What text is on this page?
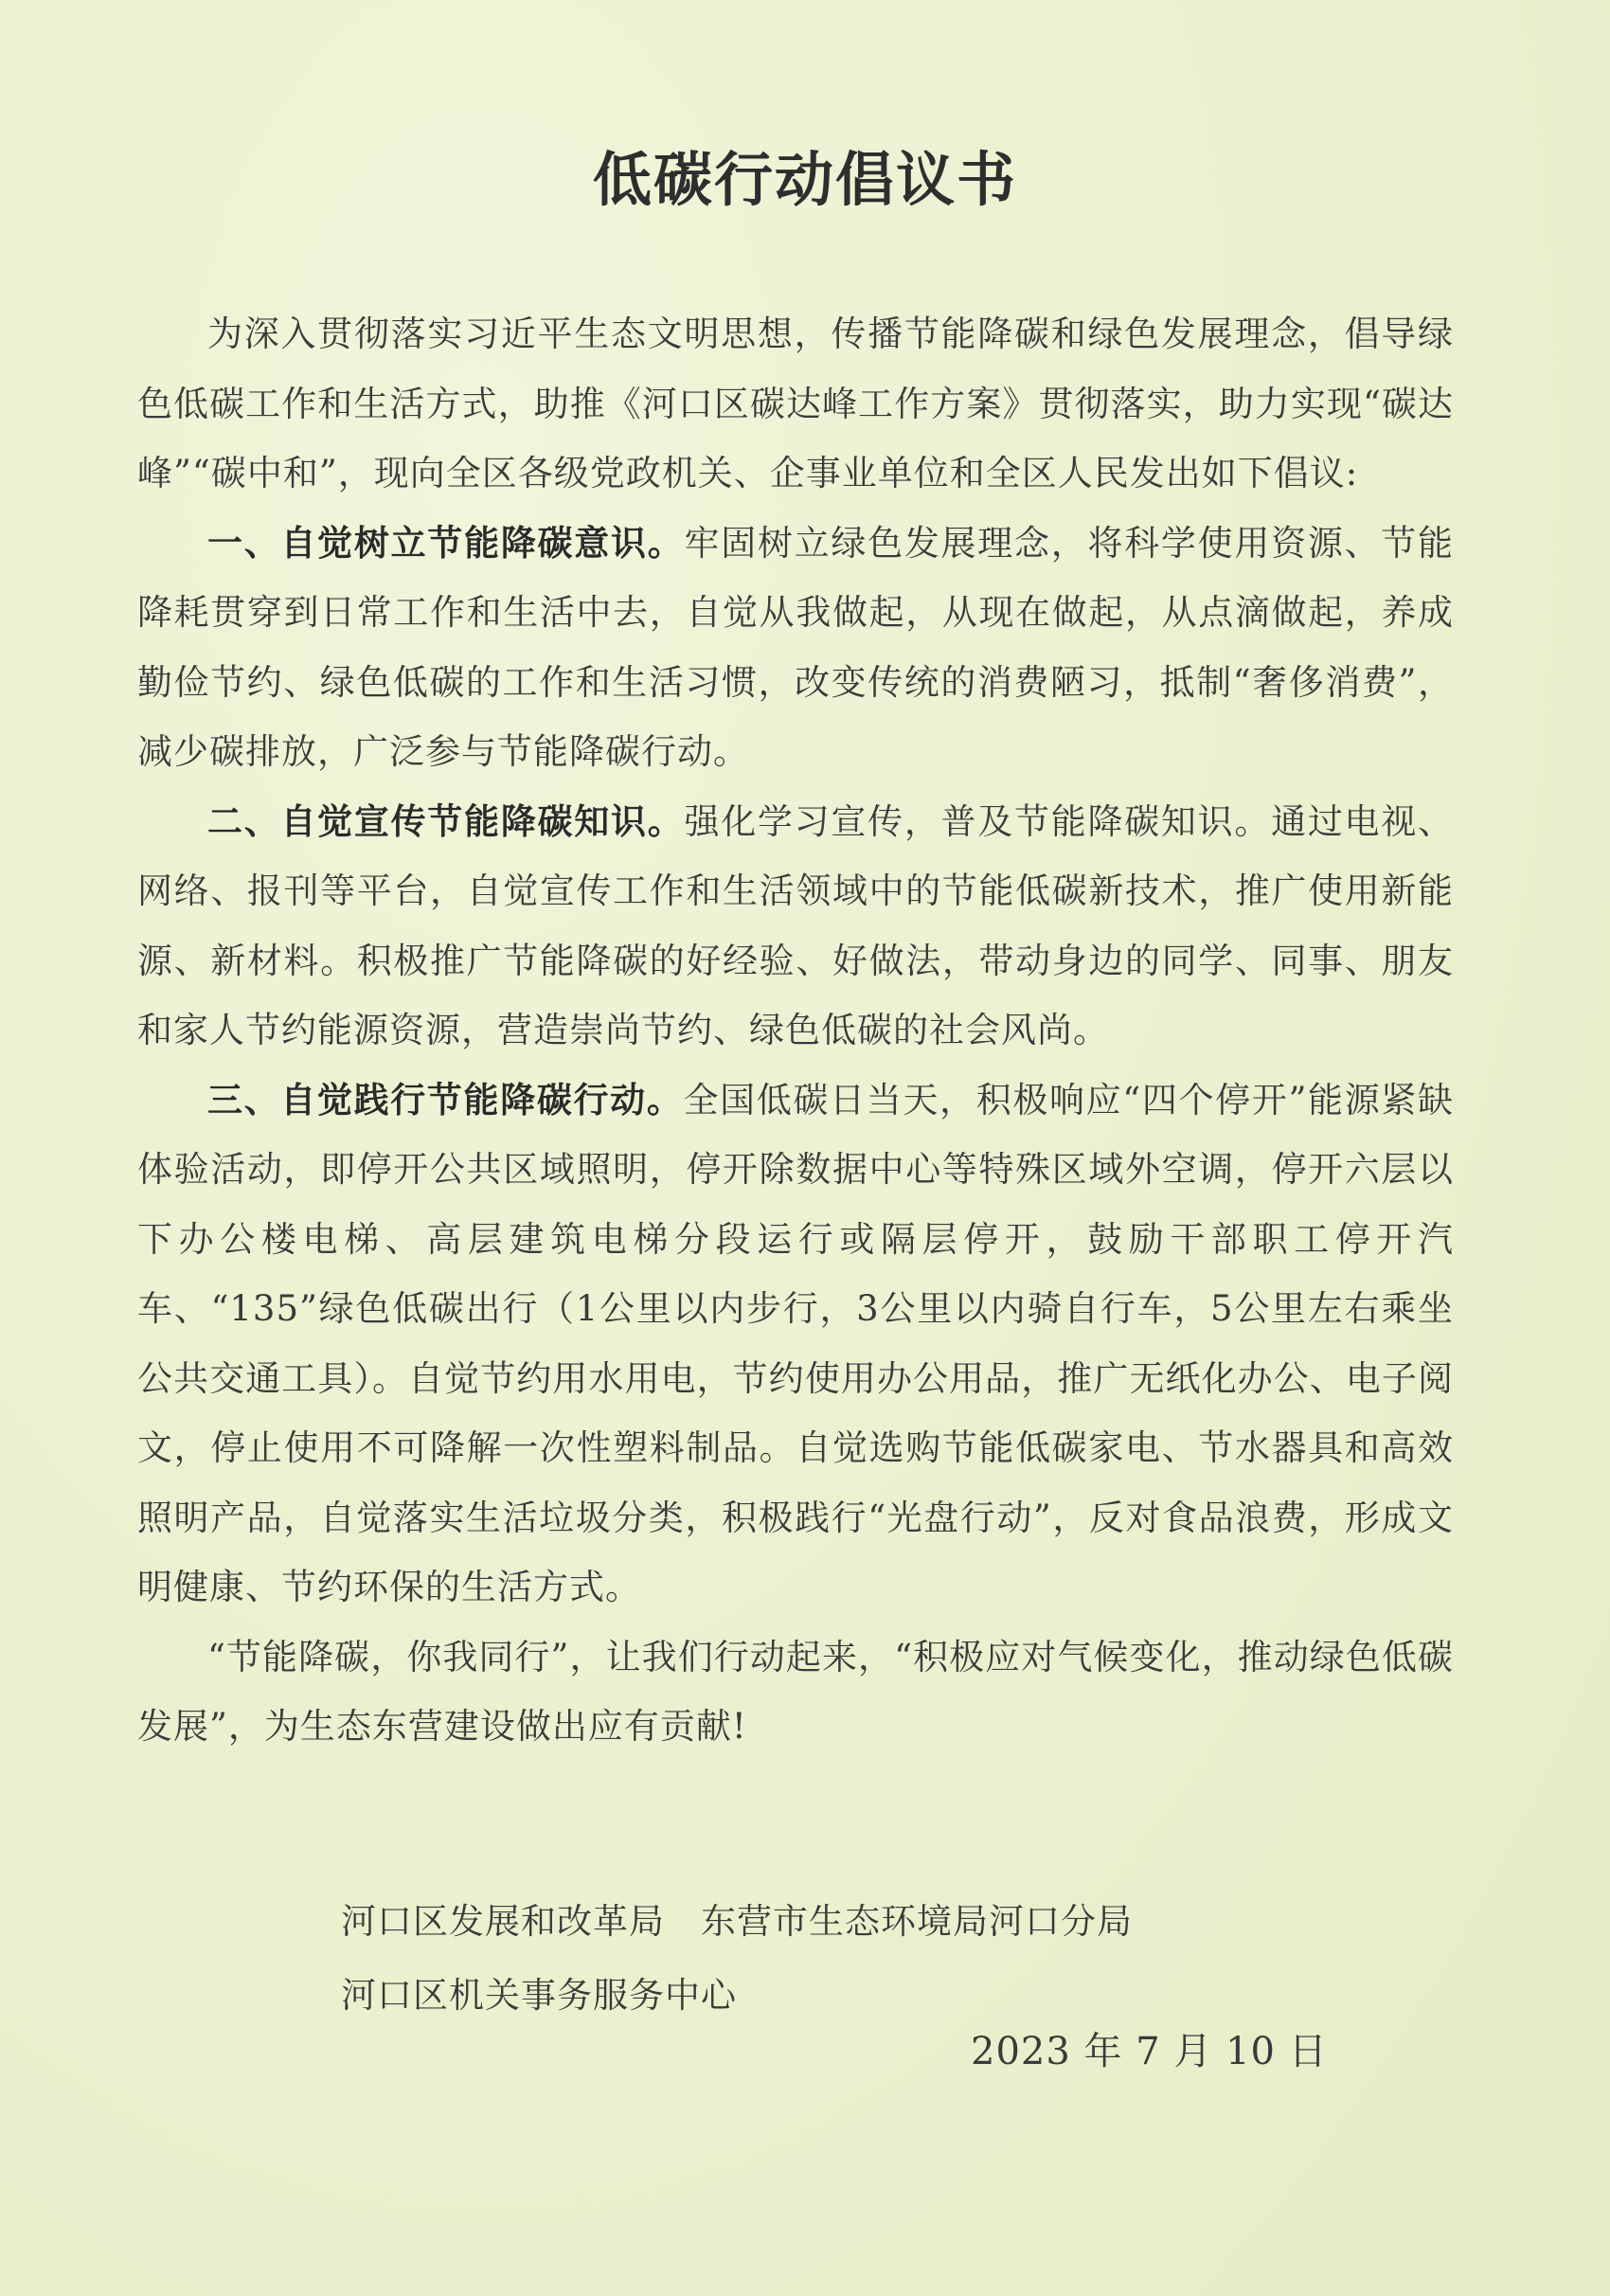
低碳行动倡议书

为深入贯彻落实习近平生态文明思想，传播节能降碳和绿色发展理念，倡导绿色低碳工作和生活方式，助推《河口区碳达峰工作方案》贯彻落实，助力实现“碳达峰”“碳中和”，现向全区各级党政机关、企事业单位和全区人民发出如下倡议:

一、自觉树立节能降碳意识。牢固树立绿色发展理念，将科学使用资源、节能降耗贯穿到日常工作和生活中去，自觉从我做起，从现在做起，从点滴做起，养成勤俭节约、绿色低碳的工作和生活习惯，改变传统的消费陋习，抵制“奢侈消费”，减少碳排放，广泛参与节能降碳行动。

二、自觉宣传节能降碳知识。强化学习宣传，普及节能降碳知识。通过电视、网络、报刊等平台，自觉宣传工作和生活领域中的节能低碳新技术，推广使用新能源、新材料。积极推广节能降碳的好经验、好做法，带动身边的同学、同事、朋友和家人节约能源资源，营造崇尚节约、绿色低碳的社会风尚。

三、自觉践行节能降碳行动。全国低碳日当天，积极响应“四个停开”能源紧缺体验活动，即停开公共区域照明，停开除数据中心等特殊区域外空调，停开六层以下办公楼电梯、高层建筑电梯分段运行或隔层停开，鼓励干部职工停开汽车、“135”绿色低碳出行（1公里以内步行，3公里以内骑自行车，5公里左右乘坐公共交通工具）。自觉节约用水用电，节约使用办公用品，推广无纸化办公、电子阅文，停止使用不可降解一次性塑料制品。自觉选购节能低碳家电、节水器具和高效照明产品，自觉落实生活垃圾分类，积极践行“光盘行动”，反对食品浪费，形成文明健康、节约环保的生活方式。

“节能降碳，你我同行”，让我们行动起来，“积极应对气候变化，推动绿色低碳发展”，为生态东营建设做出应有贡献!

河口区发展和改革局 东营市生态环境局河口分局
河口区机关事务服务中心
2023 年 7 月 10 日
